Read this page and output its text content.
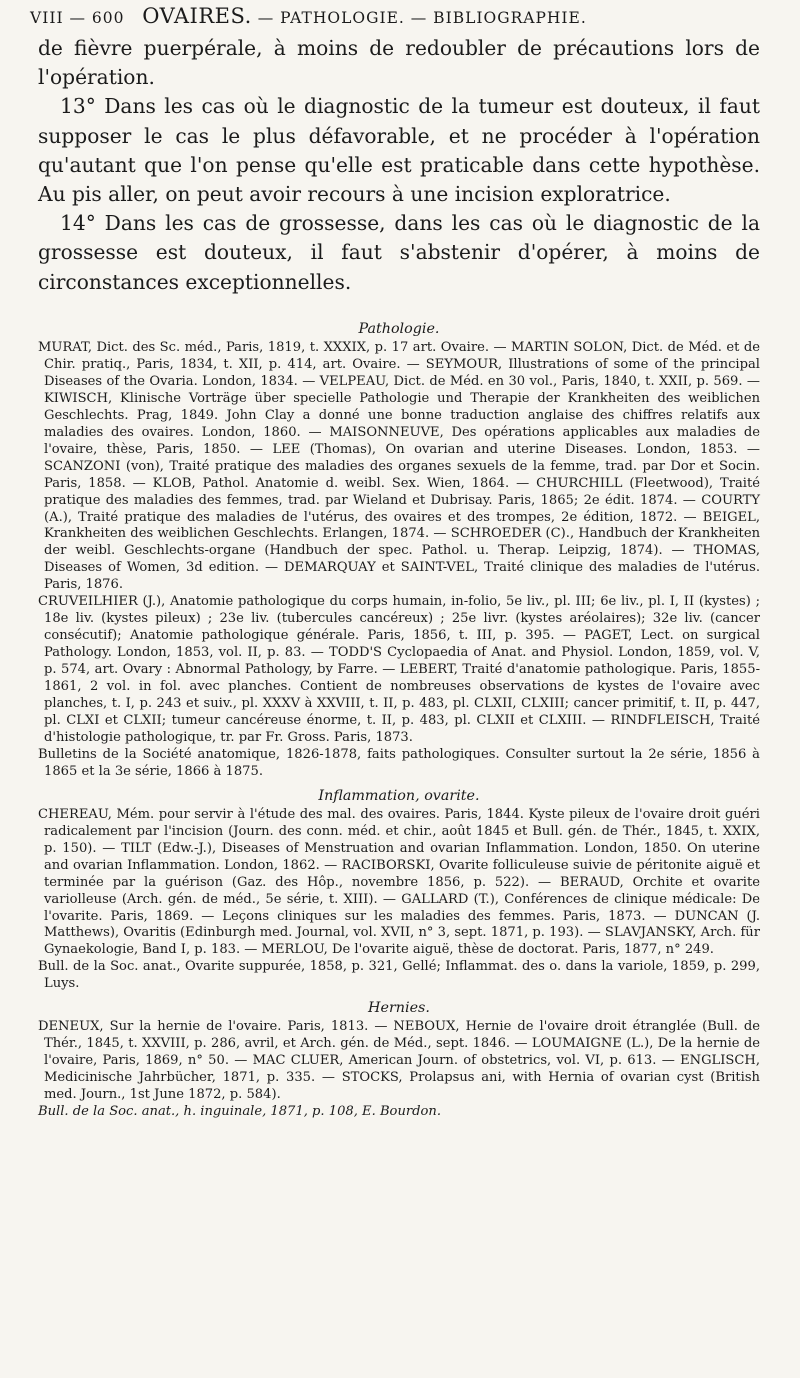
VIII — 600 OVAIRES. — PATHOLOGIE. — BIBLIOGRAPHIE.

de fièvre puerpérale, à moins de redoubler de précautions lors de l'opération.

13° Dans les cas où le diagnostic de la tumeur est douteux, il faut supposer le cas le plus défavorable, et ne procéder à l'opération qu'autant que l'on pense qu'elle est praticable dans cette hypothèse. Au pis aller, on peut avoir recours à une incision exploratrice.

14° Dans les cas de grossesse, dans les cas où le diagnostic de la grossesse est douteux, il faut s'abstenir d'opérer, à moins de circonstances exceptionnelles.

Pathologie.

MURAT, Dict. des Sc. méd., Paris, 1819, t. XXXIX, p. 17 art. Ovaire. — MARTIN SOLON, Dict. de Méd. et de Chir. pratiq., Paris, 1834, t. XII, p. 414, art. Ovaire. — SEYMOUR, Illustrations of some of the principal Diseases of the Ovaria. London, 1834. — VELPEAU, Dict. de Méd. en 30 vol., Paris, 1840, t. XXII, p. 569. — KIWISCH, Klinische Vorträge über specielle Pathologie und Therapie der Krankheiten des weiblichen Geschlechts. Prag, 1849. John Clay a donné une bonne traduction anglaise des chiffres relatifs aux maladies des ovaires. London, 1860. — MAISONNEUVE, Des opérations applicables aux maladies de l'ovaire, thèse, Paris, 1850. — LEE (Thomas), On ovarian and uterine Diseases. London, 1853. — SCANZONI (von), Traité pratique des maladies des organes sexuels de la femme, trad. par Dor et Socin. Paris, 1858. — KLOB, Pathol. Anatomie d. weibl. Sex. Wien, 1864. — CHURCHILL (Fleetwood), Traité pratique des maladies des femmes, trad. par Wieland et Dubrisay. Paris, 1865; 2e édit. 1874. — COURTY (A.), Traité pratique des maladies de l'utérus, des ovaires et des trompes, 2e édition, 1872. — BEIGEL, Krankheiten des weiblichen Geschlechts. Erlangen, 1874. — SCHROEDER (C)., Handbuch der Krankheiten der weibl. Geschlechts-organe (Handbuch der spec. Pathol. u. Therap. Leipzig, 1874). — THOMAS, Diseases of Women, 3d edition. — DEMARQUAY et SAINT-VEL, Traité clinique des maladies de l'utérus. Paris, 1876.

CRUVEILHIER (J.), Anatomie pathologique du corps humain, in-folio, 5e liv., pl. III; 6e liv., pl. I, II (kystes) ; 18e liv. (kystes pileux) ; 23e liv. (tubercules cancéreux) ; 25e livr. (kystes aréolaires); 32e liv. (cancer consécutif); Anatomie pathologique générale. Paris, 1856, t. III, p. 395. — PAGET, Lect. on surgical Pathology. London, 1853, vol. II, p. 83. — TODD'S Cyclopaedia of Anat. and Physiol. London, 1859, vol. V, p. 574, art. Ovary : Abnormal Pathology, by Farre. — LEBERT, Traité d'anatomie pathologique. Paris, 1855-1861, 2 vol. in fol. avec planches. Contient de nombreuses observations de kystes de l'ovaire avec planches, t. I, p. 243 et suiv., pl. XXXV à XXVIII, t. II, p. 483, pl. CLXII, CLXIII; cancer primitif, t. II, p. 447, pl. CLXI et CLXII; tumeur cancéreuse énorme, t. II, p. 483, pl. CLXII et CLXIII. — RINDFLEISCH, Traité d'histologie pathologique, tr. par Fr. Gross. Paris, 1873.

Bulletins de la Société anatomique, 1826-1878, faits pathologiques. Consulter surtout la 2e série, 1856 à 1865 et la 3e série, 1866 à 1875.

Inflammation, ovarite.

CHEREAU, Mém. pour servir à l'étude des mal. des ovaires. Paris, 1844. Kyste pileux de l'ovaire droit guéri radicalement par l'incision (Journ. des conn. méd. et chir., août 1845 et Bull. gén. de Thér., 1845, t. XXIX, p. 150). — TILT (Edw.-J.), Diseases of Menstruation and ovarian Inflammation. London, 1850. On uterine and ovarian Inflammation. London, 1862. — RACIBORSKI, Ovarite folliculeuse suivie de péritonite aiguë et terminée par la guérison (Gaz. des Hôp., novembre 1856, p. 522). — BERAUD, Orchite et ovarite variolleuse (Arch. gén. de méd., 5e série, t. XIII). — GALLARD (T.), Conférences de clinique médicale: De l'ovarite. Paris, 1869. — Leçons cliniques sur les maladies des femmes. Paris, 1873. — DUNCAN (J. Matthews), Ovaritis (Edinburgh med. Journal, vol. XVII, n° 3, sept. 1871, p. 193). — SLAVJANSKY, Arch. für Gynaekologie, Band I, p. 183. — MERLOU, De l'ovarite aiguë, thèse de doctorat. Paris, 1877, n° 249.

Bull. de la Soc. anat., Ovarite suppurée, 1858, p. 321, Gellé; Inflammat. des o. dans la variole, 1859, p. 299, Luys.

Hernies.

DENEUX, Sur la hernie de l'ovaire. Paris, 1813. — NEBOUX, Hernie de l'ovaire droit étranglée (Bull. de Thér., 1845, t. XXVIII, p. 286, avril, et Arch. gén. de Méd., sept. 1846. — LOUMAIGNE (L.), De la hernie de l'ovaire, Paris, 1869, n° 50. — MAC CLUER, American Journ. of obstetrics, vol. VI, p. 613. — ENGLISCH, Medicinische Jahrbücher, 1871, p. 335. — STOCKS, Prolapsus ani, with Hernia of ovarian cyst (British med. Journ., 1st June 1872, p. 584).

Bull. de la Soc. anat., h. inguinale, 1871, p. 108, E. Bourdon.
